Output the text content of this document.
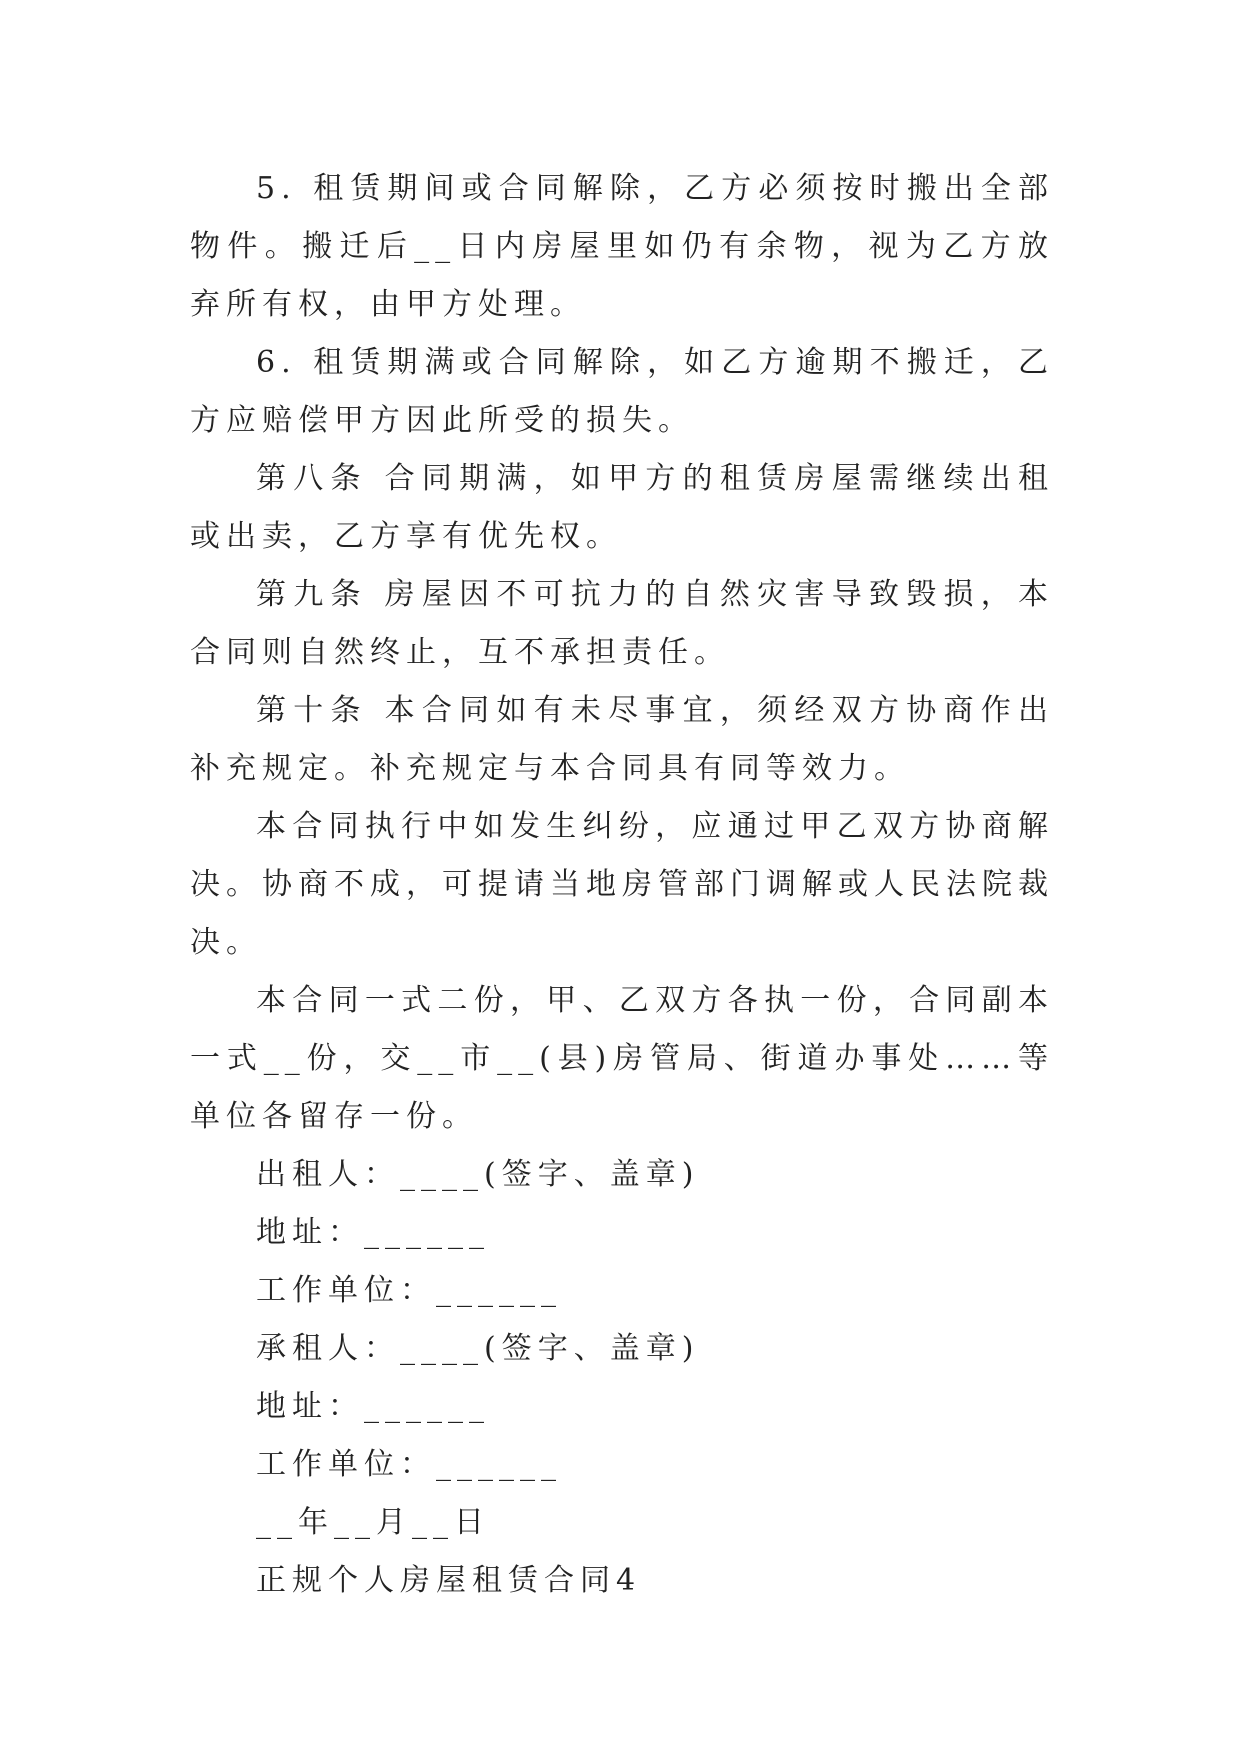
5. 租赁期间或合同解除，乙方必须按时搬出全部物件。搬迁后__日内房屋里如仍有余物，视为乙方放弃所有权，由甲方处理。

6. 租赁期满或合同解除，如乙方逾期不搬迁，乙方应赔偿甲方因此所受的损失。

第八条 合同期满，如甲方的租赁房屋需继续出租或出卖，乙方享有优先权。

第九条 房屋因不可抗力的自然灾害导致毁损，本合同则自然终止，互不承担责任。

第十条 本合同如有未尽事宜，须经双方协商作出补充规定。补充规定与本合同具有同等效力。

本合同执行中如发生纠纷，应通过甲乙双方协商解决。协商不成，可提请当地房管部门调解或人民法院裁决。

本合同一式二份，甲、乙双方各执一份，合同副本一式__份，交__市__(县)房管局、街道办事处……等单位各留存一份。

出租人：____(签字、盖章)

地址：______

工作单位：______

承租人：____(签字、盖章)

地址：______

工作单位：______

__年__月__日

正规个人房屋租赁合同4
